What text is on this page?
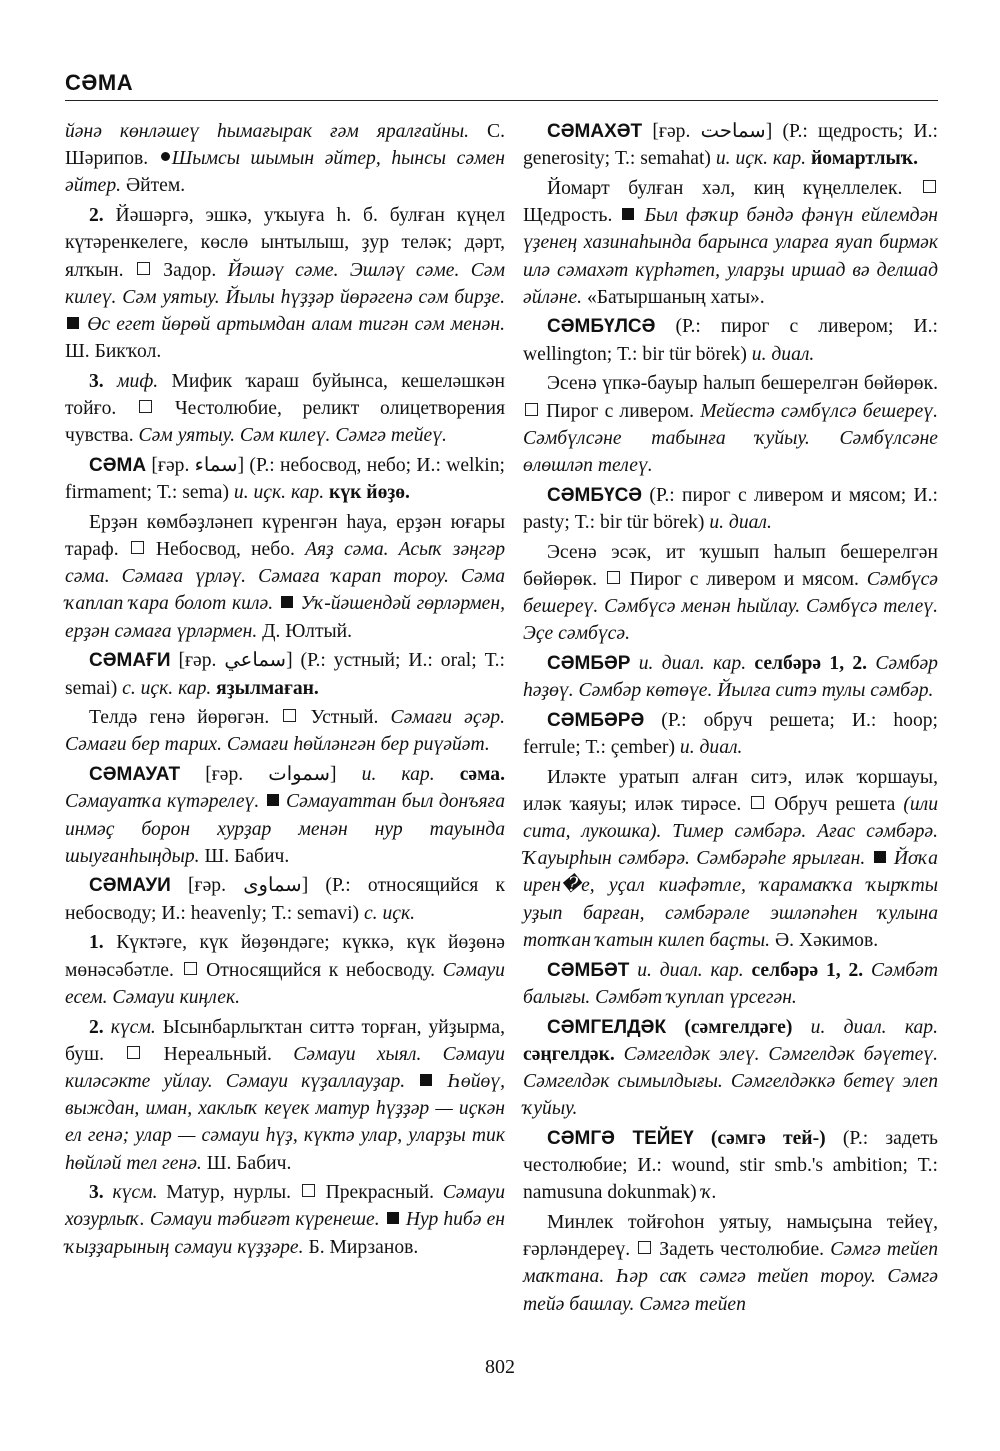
СӘМА

йәнә көнләшеү һымағырак ғәм яралғайны. С. Шәрипов. Шымсы шымын әйтер, һынсы сәмен әйтер. Әйтем.

2. Йәшәргә, эшкә, уҡыуға һ. б. булған күңел күтәренкелеге, көслө ынтылыш, ҙур теләк; дәрт, ялҡын. Задор. Йәшәү сәме. Эшләү сәме. Сәм килеү. Сәм уятыу. Йылы һүҙҙәр йөрәгенә сәм бирҙе.  Өс егет йөрөй артымдан алам тигән сәм менән. Ш. Бикҡол.

3. миф. Мифик ҡараш буйынса, кешеләшкән тойғо.	Честолюбие, реликт олицетворения чувства. Сәм уятыу. Сәм килеү. Сәмгә тейеү.

СӘМА [ғәр. سماء] (Р.: небосвод, небо; И.: welkin; firmament; Т.: sema) и. иҫк. кар. күк йөҙө.

Ерҙән көмбәҙләнеп күренгән һауа, ерҙән юғары тараф. Небосвод, небо. Аяҙ сәма. Асыҡ зәңгәр сәма. Сәмаға үрләү. Сәмаға ҡарап тороу. Сәма ҡаплап ҡара болот килә. Уҡ-йәшендәй гөрләрмен, ерҙән сәмаға үрләрмен. Д. Юлтый.

СӘМАҒИ [ғәр. سماعي] (Р.: устный; И.: oral; Т.: semai) с. иҫк. кар. яҙылмаған.

Телдә генә йөрөгән. Устный. Сәмағи әҫәр. Сәмағи бер тарих. Сәмағи һөйләнгән бер риүәйәт.

СӘМАУАТ [ғәр. سموات] и. кар. сәма. Сәмауатҡа күтәрелеү. Сәмауаттан был донъяға инмәҫ борон хурҙар менән нур тауында шыуғанһыңдыр. Ш. Бабич.

СӘМАУИ [ғәр. سماوی] (Р.: относящийся к небосводу; И.: heavenly; Т.: semavi) с. иҫк.

1. Күктәге, күк йөҙөндәге; күккә, күк йөҙөнә мөнәсәбәтле. Относящийся к небосводу. Сәмауи есем. Сәмауи киңлек.

2. күсм. Ысынбарлыҡтан ситтә торған, уйҙырма, буш.	Нереальный. Сәмауи хыял. Сәмауи киләсәкте уйлау. Сәмауи күҙаллауҙар. Һөйөү, выждан, иман, хаклыҡ кеүек матур һүҙҙәр — иҫкән ел генә; улар — сәмауи һүҙ, күктә улар, уларҙы тик һөйләй тел генә. Ш. Бабич.

3. күсм. Матур, нурлы. Прекрасный. Сәмауи хозурлыҡ. Сәмауи тәбиғәт күренеше. Нур һибә ен ҡыҙҙарының сәмауи күҙҙәре. Б. Мирзанов.

СӘМАХӘТ [ғәр. سماحت] (Р.: щедрость; И.: generosity; Т.: semahat) и. иҫк. кар. йомартлыҡ.

Йомарт булған хәл, киң күңеллелек.  Щедрость. Был фәҡир бәндә фәнүн ейлемдән үҙенең хазинаһында барынса уларға яуап бирмәк илә сәмахәт күрһәтеп, уларҙы иршад вә делшад әйләне. «Батыршаның хаты».

СӘМБҮЛСӘ (Р.: пирог с ливером; И.: wellington; Т.: bir tür börek) и. диал.

Эсенә үпкә-бауыр һалып бешерелгән бөйөрөк.  Пирог с ливером. Мейестә сәмбүлсә бешереү. Сәмбүлсәне табынға ҡуйыу. Сәмбүлсәне өлөшләп телеү.

СӘМБҮСӘ (Р.: пирог с ливером и мясом; И.: pasty; Т.: bir tür börek) и. диал.

Эсенә эсәк, ит ҡушып һалып бешерелгән бөйөрөк. Пирог с ливером и мясом. Сәмбүсә бешереү. Сәмбүсә менән һыйлау. Сәмбүсә телеү. Эҫе сәмбүсә.

СӘМБӘР и. диал. кар. селбәрә 1, 2. Сәмбәр һәҙөү. Сәмбәр көтөүе. Йылға ситэ тулы сәмбәр.

СӘМБӘРӘ (Р.: обруч решета; И.: hoop; ferrule; Т.: çember) и. диал.

Иләкте уратып алған ситэ, иләк ҡоршауы, иләк ҡаяуы; иләк тирәсе. Обруч решета (или сита, лукошка). Тимер сәмбәрә. Ағас сәмбәрә. Ҡауырһын сәмбәрә. Сәмбәрәһе ярылған. Йоҡа ирен�е, уҫал киәфәтле, ҡарамаҡҡа ҡырҡты уҙып барған, сәмбәрәле эшләпәһен ҡулына тотҡан ҡатын килеп баҫты. Ә. Хәкимов.

СӘМБӘТ и. диал. кар. селбәрә 1, 2. Сәмбәт балығы. Сәмбәт ҡуплап үрсегән.

СӘМГЕЛДӘК (сәмгелдәге) и. диал. кар. сәңгелдәк. Сәмгелдәк элеү. Сәмгелдәк бәүетеү. Сәмгелдәк сымылдығы. Сәмгелдәккә бетеү элеп ҡуйыу.

СӘМГӘ ТЕЙЕҮ (сәмгә тей-) (Р.: задеть честолюбие; И.: wound, stir smb.'s ambition; Т.: namusuna dokunmak) ҡ.

Минлек тойғоһон уятыу, намыҫына тейеү, ғәрләндереү. Задеть честолюбие. Сәмгә тейеп маҡтана. Һәр саҡ сәмгә тейеп тороу. Сәмгә тейә башлау. Сәмгә тейеп

802
